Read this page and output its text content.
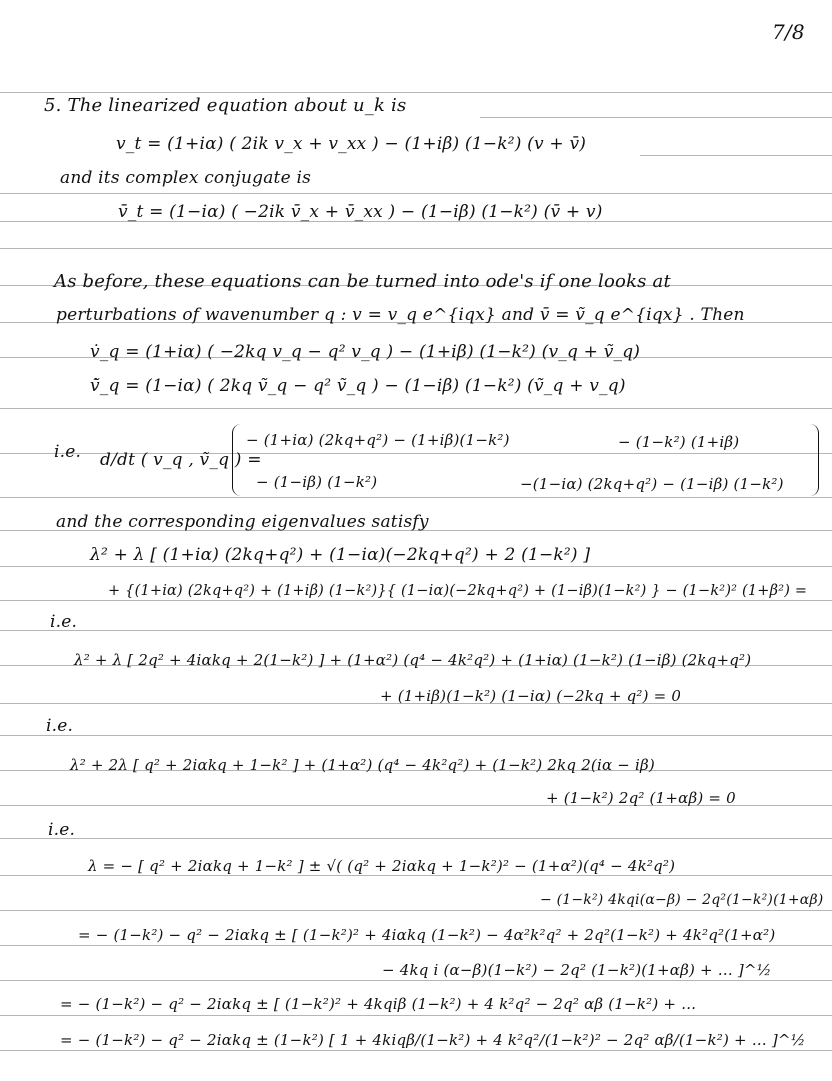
7/8
5. The linearized equation about u_k is
v_t = (1+iα) ( 2ik v_x + v_xx ) − (1+iβ) (1−k²) (v + v̄)
and its complex conjugate is
v̄_t = (1−iα) ( −2ik v̄_x + v̄_xx ) − (1−iβ) (1−k²) (v̄ + v)
As before, these equations can be turned into ode's if one looks at
perturbations of wavenumber q : v = v_q e^{iqx} and v̄ = ṽ_q e^{iqx} . Then
v̇_q = (1+iα) ( −2kq v_q − q² v_q ) − (1+iβ) (1−k²) (v_q + ṽ_q)
ṽ̇_q = (1−iα) ( 2kq ṽ_q − q² ṽ_q ) − (1−iβ) (1−k²) (ṽ_q + v_q)
i.e. d/dt ( v_q , ṽ_q ) =
− (1+iα) (2kq+q²) − (1+iβ)(1−k²)	− (1−k²) (1+iβ)
− (1−iβ) (1−k²)	−(1−iα) (2kq+q²) − (1−iβ) (1−k²)
and the corresponding eigenvalues satisfy
λ² + λ [ (1+iα) (2kq+q²) + (1−iα)(−2kq+q²) + 2 (1−k²) ]
+ {(1+iα) (2kq+q²) + (1+iβ) (1−k²)}{ (1−iα)(−2kq+q²) + (1−iβ)(1−k²) } − (1−k²)² (1+β²) =
i.e.
λ² + λ [ 2q² + 4iαkq + 2(1−k²) ] + (1+α²) (q⁴ − 4k²q²) + (1+iα) (1−k²) (1−iβ) (2kq+q²)
+ (1+iβ)(1−k²) (1−iα) (−2kq + q²) = 0
i.e.
λ² + 2λ [ q² + 2iαkq + 1−k² ] + (1+α²) (q⁴ − 4k²q²) + (1−k²) 2kq 2(iα − iβ)
+ (1−k²) 2q² (1+αβ) = 0
i.e.
λ = − [ q² + 2iαkq + 1−k² ] ± √( (q² + 2iαkq + 1−k²)² − (1+α²)(q⁴ − 4k²q²)
− (1−k²) 4kqi(α−β) − 2q²(1−k²)(1+αβ)
= − (1−k²) − q² − 2iαkq ± [ (1−k²)² + 4iαkq (1−k²) − 4α²k²q² + 2q²(1−k²) + 4k²q²(1+α²)
− 4kq i (α−β)(1−k²) − 2q² (1−k²)(1+αβ) + … ]^½
= − (1−k²) − q² − 2iαkq ± [ (1−k²)² + 4kqiβ (1−k²) + 4 k²q² − 2q² αβ (1−k²) + …
= − (1−k²) − q² − 2iαkq ± (1−k²) [ 1 + 4kiqβ/(1−k²) + 4 k²q²/(1−k²)² − 2q² αβ/(1−k²) + … ]^½
